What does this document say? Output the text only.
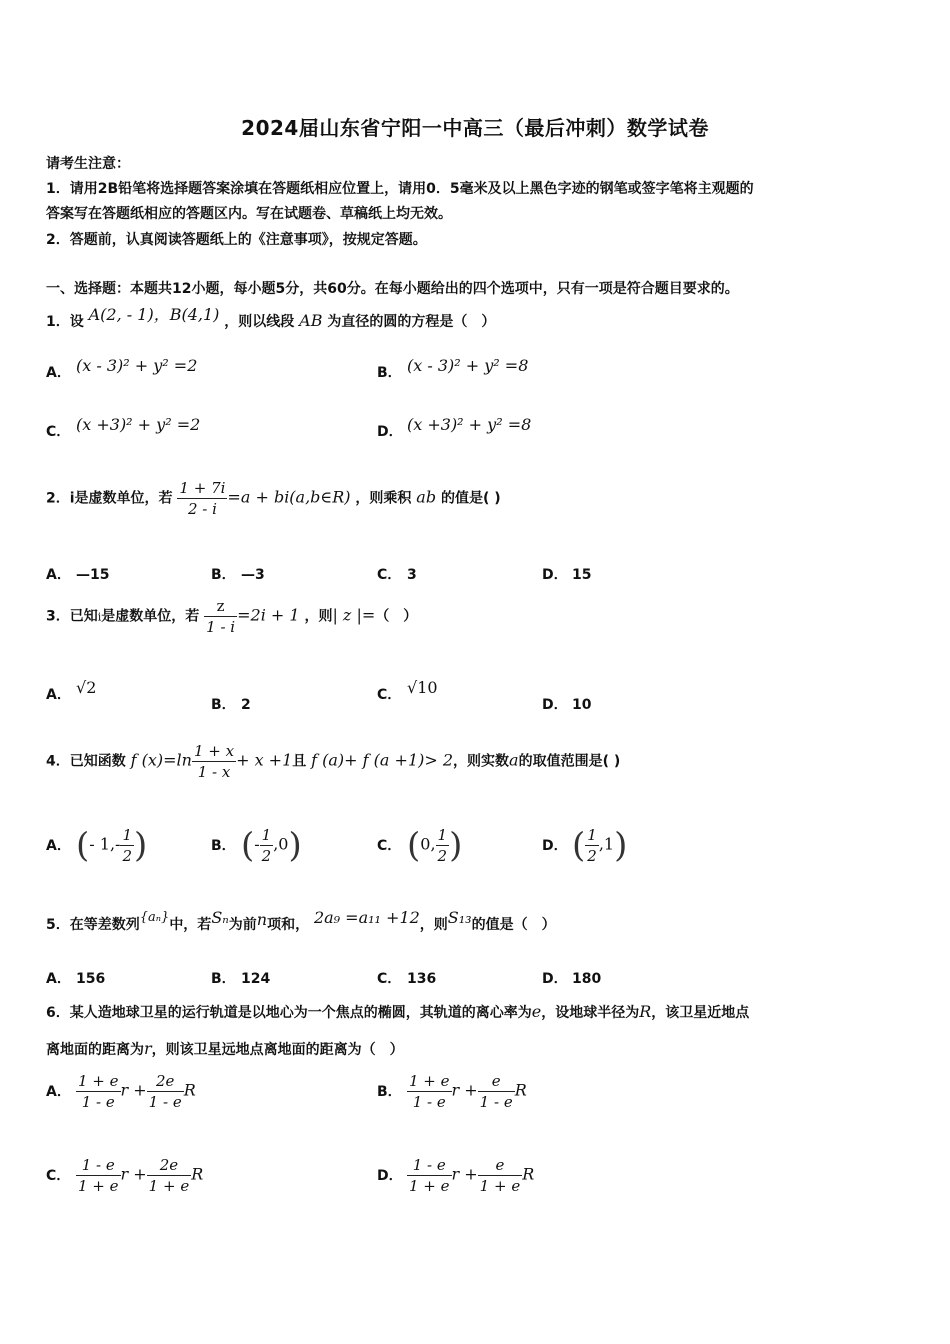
2024届山东省宁阳一中高三（最后冲刺）数学试卷
请考生注意：
1．请用2B铅笔将选择题答案涂填在答题纸相应位置上，请用0．5毫米及以上黑色字迹的钢笔或签字笔将主观题的
答案写在答题纸相应的答题区内。写在试题卷、草稿纸上均无效。
2．答题前，认真阅读答题纸上的《注意事项》，按规定答题。
一、选择题：本题共12小题，每小题5分，共60分。在每小题给出的四个选项中，只有一项是符合题目要求的。
1．设 A(2, - 1)，B(4,1) ，则以线段 AB 为直径的圆的方程是（　）
A． (x - 3)² + y² =2	B． (x - 3)² + y² =8
C． (x +3)² + y² =2	D． (x +3)² + y² =8
2．i是虚数单位，若 $\frac{1 + 7i}{2 - i} =a$ + bi(a,b∈R) ，则乘积 ab 的值是( )
A． —15	B． —3	C． 3	D． 15
3．已知i是虚数单位，若 $\frac{z}{1 - i} =2i + 1$ ，则| z |=（　）
A． √2
B． 2
C． √10
D． 10
4．已知函数 f $(x)=\ln \frac{1 + x}{1 - x} + x +1$且 f (a)+ f (a +1)> 2，则实数a的取值范围是( )
A． (- $1,- \frac{1}{2}$ )	B． (- $\frac{1}{2} ,0$)	C． (0, $\frac{1}{2}$ )	D． ( $\frac{1}{2} ,1$)
5．在等差数列{aₙ}中，若Sₙ为前n项和， 2a₉ =a₁₁ +12，则S₁₃的值是（　）
A． 156	B． 124	C． 136	D． 180
6．某人造地球卫星的运行轨道是以地心为一个焦点的椭圆，其轨道的离心率为e，设地球半径为R，该卫星近地点
离地面的距离为r，则该卫星远地点离地面的距离为（　）
A． $\frac{1 + e}{1 - e}$ $r + \frac{2e}{1 - e}$ R	B． $\frac{1 + e}{1 - e}$ $r + \frac{e}{1 - e}$ R
C． $\frac{1 - e}{1 + e}$ $r + \frac{2e}{1 + e}$ R	D． $\frac{1 - e}{1 + e}$ $r + \frac{e}{1 + e}$ R
